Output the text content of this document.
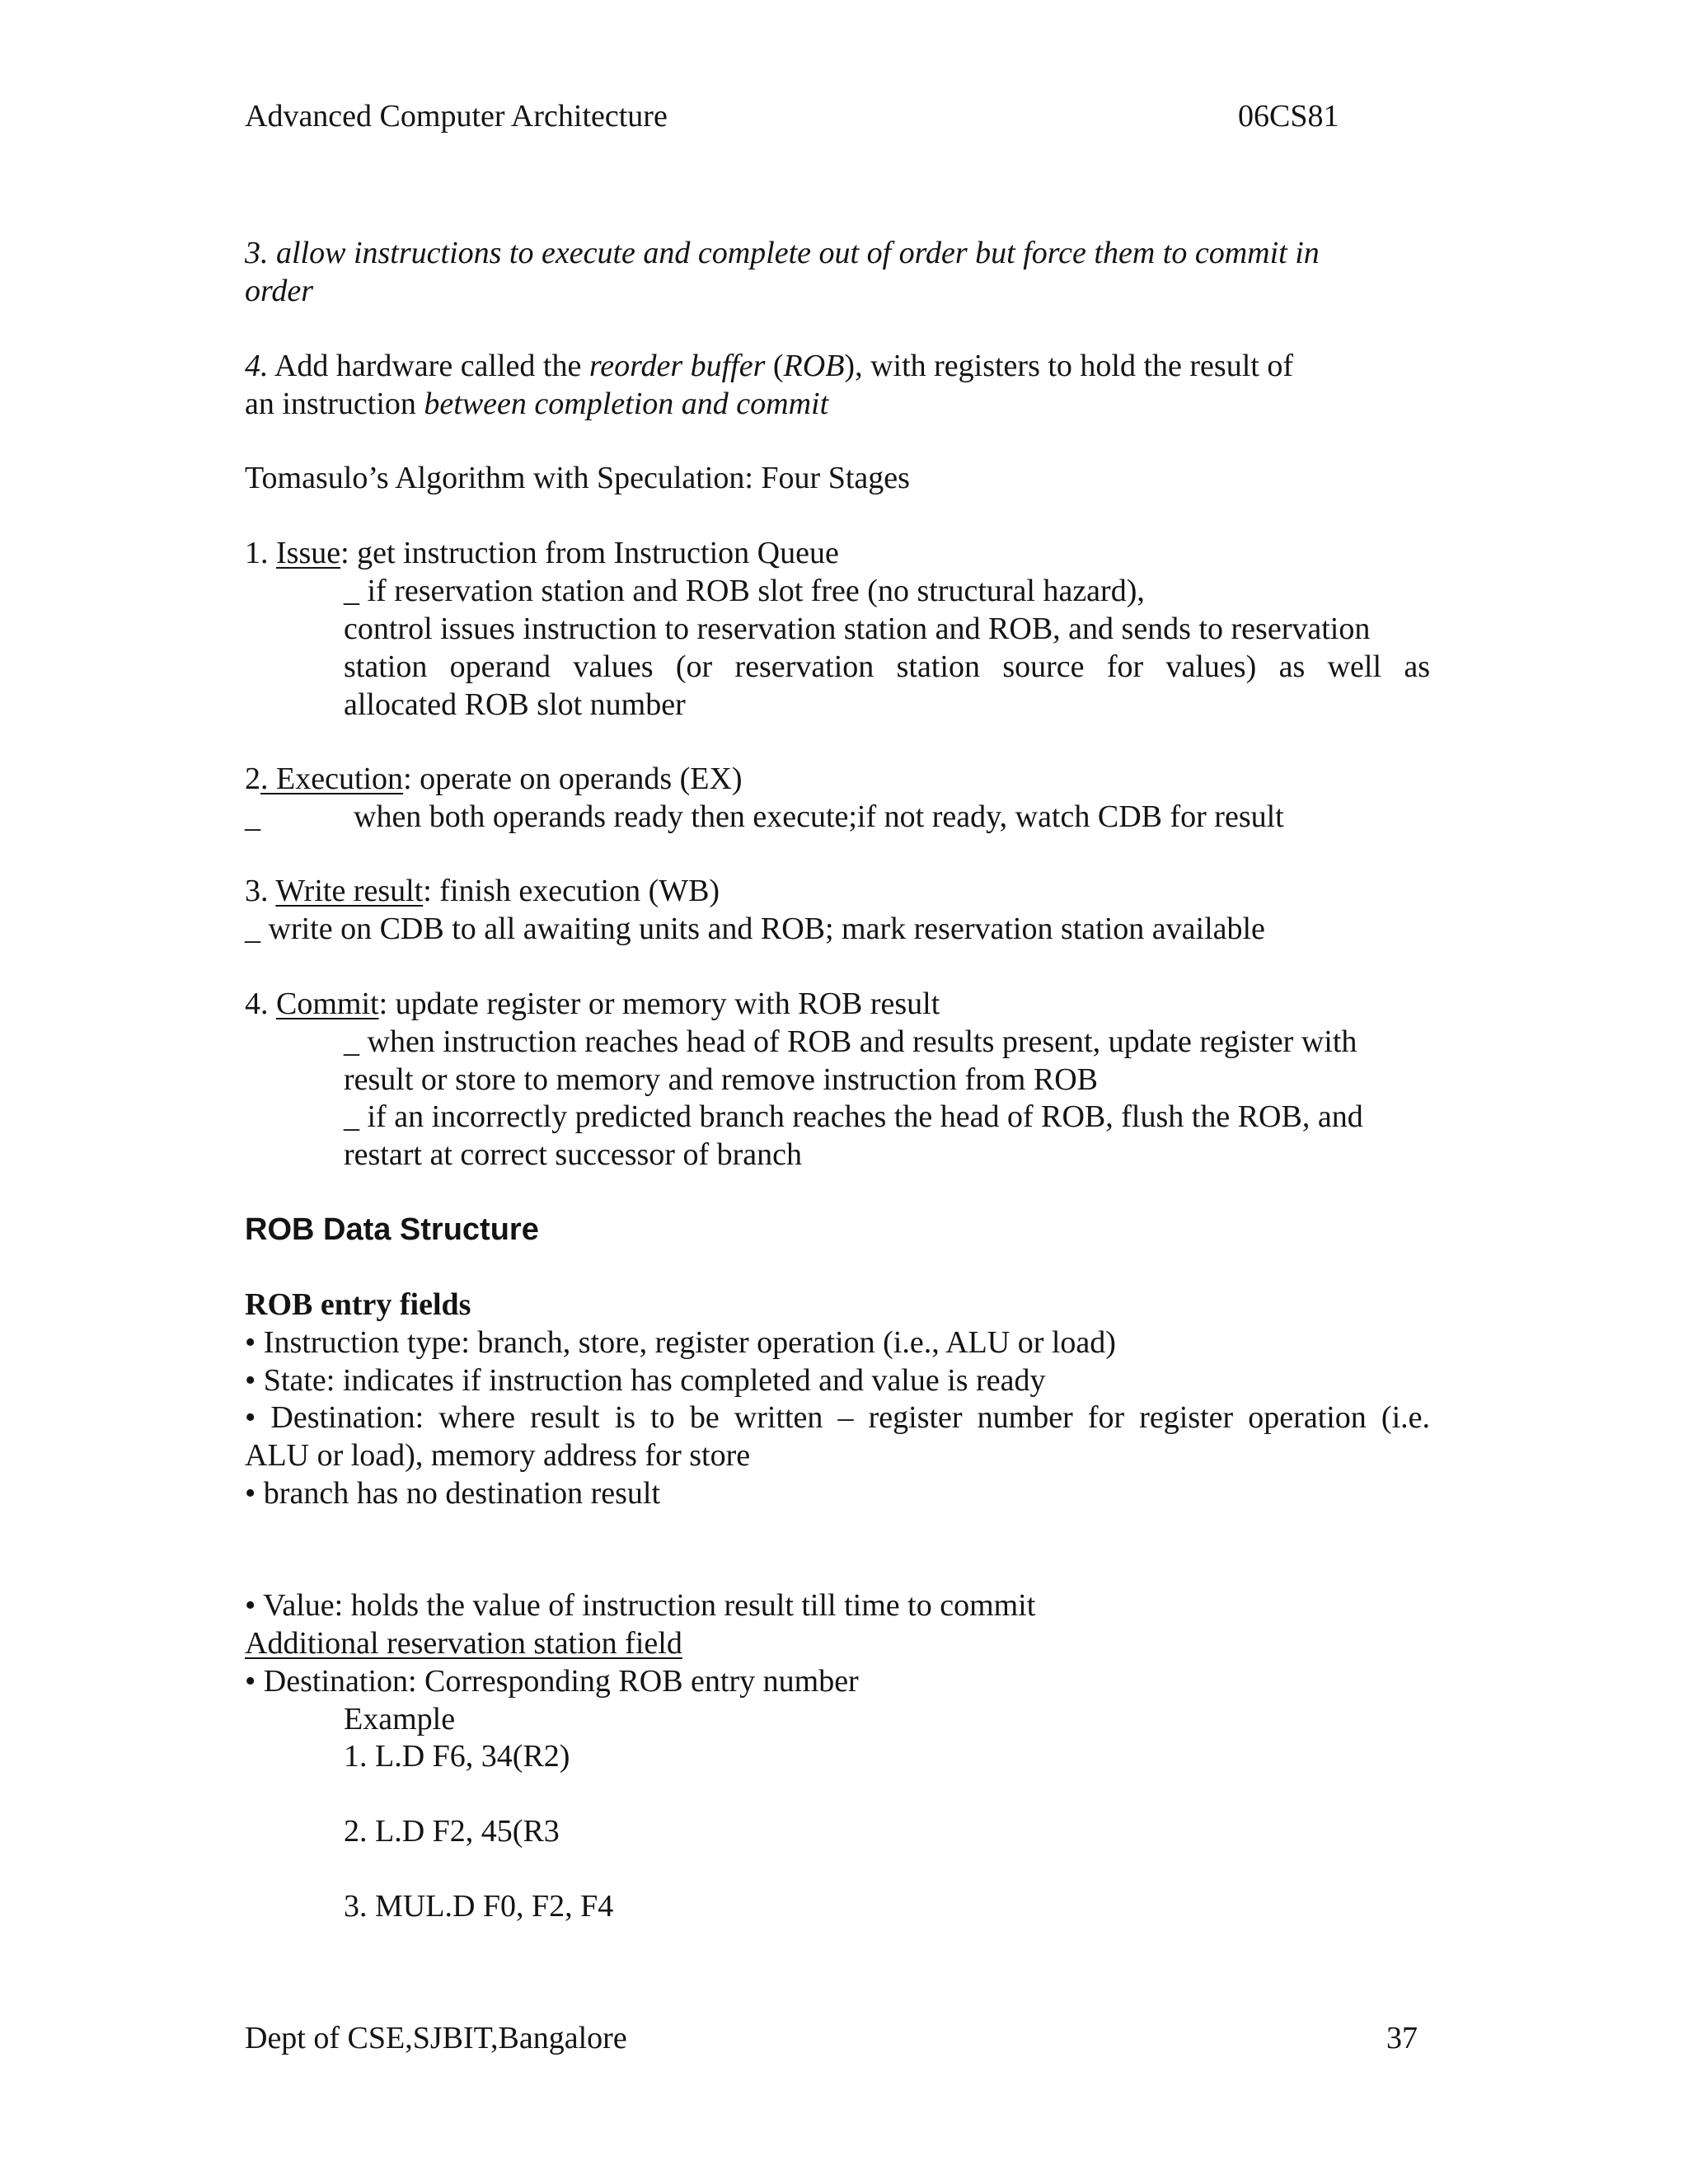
Advanced Computer Architecture	06CS81
3. allow instructions to execute and complete out of order but force them to commit in
order
4. Add hardware called the reorder buffer (ROB), with registers to hold the result of
an instruction between completion and commit
Tomasulo’s Algorithm with Speculation: Four Stages
1. Issue: get instruction from Instruction Queue
_ if reservation station and ROB slot free (no structural hazard),
control issues instruction to reservation station and ROB, and sends to reservation
station operand values (or reservation station source for values) as well as
allocated ROB slot number
2. Execution: operate on operands (EX)
_	when both operands ready then execute;if not ready, watch CDB for result
3. Write result: finish execution (WB)
_ write on CDB to all awaiting units and ROB; mark reservation station available
4. Commit: update register or memory with ROB result
_ when instruction reaches head of ROB and results present, update register with
result or store to memory and remove instruction from ROB
_ if an incorrectly predicted branch reaches the head of ROB, flush the ROB, and
restart at correct successor of branch
ROB Data Structure
ROB entry fields
• Instruction type: branch, store, register operation (i.e., ALU or load)
• State: indicates if instruction has completed and value is ready
• Destination: where result is to be written – register number for register operation (i.e.
ALU or load), memory address for store
• branch has no destination result
• Value: holds the value of instruction result till time to commit
Additional reservation station field
• Destination: Corresponding ROB entry number
Example
1. L.D F6, 34(R2)
2. L.D F2, 45(R3
3. MUL.D F0, F2, F4
Dept of CSE,SJBIT,Bangalore	37
